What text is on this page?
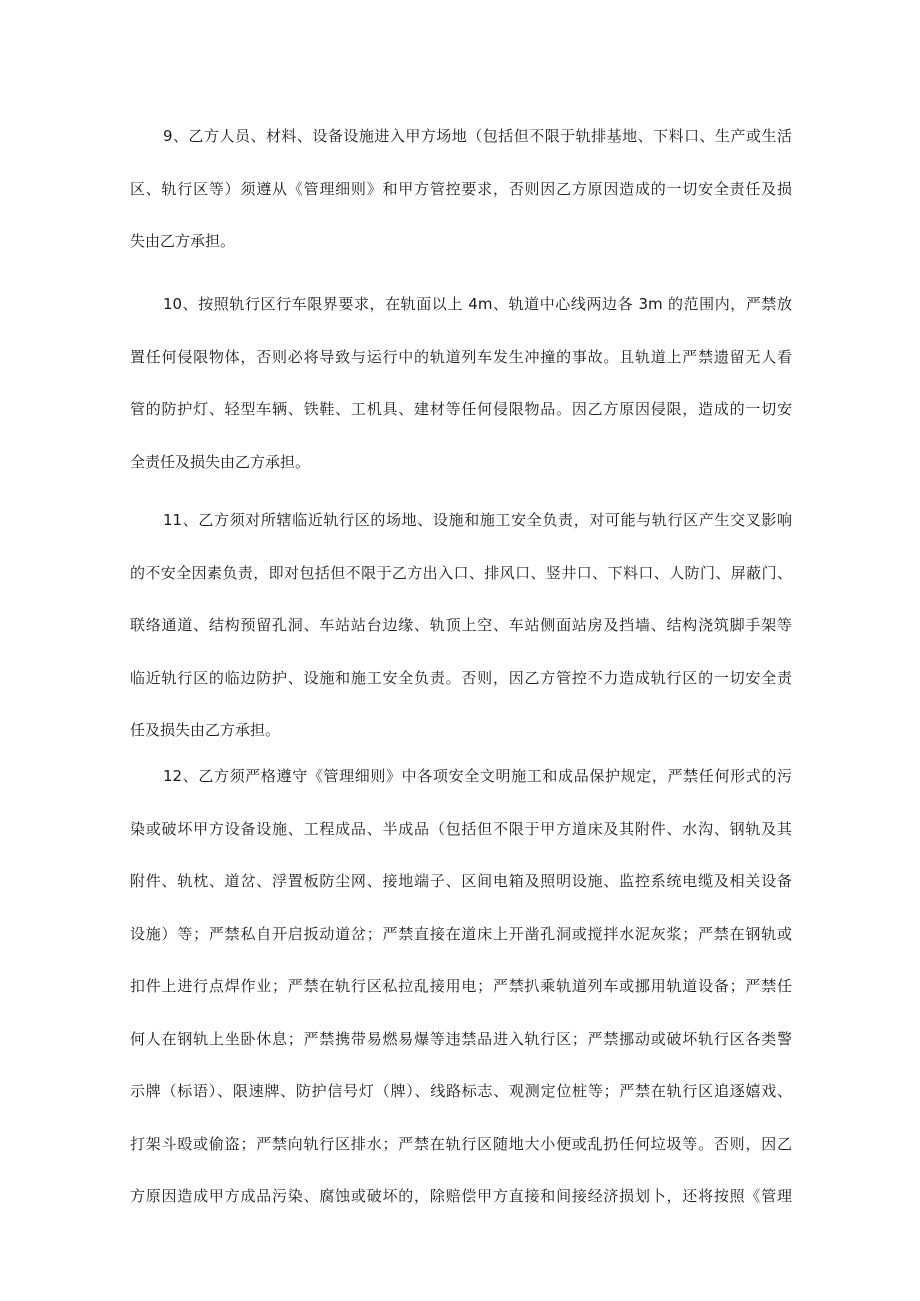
9、乙方人员、材料、设备设施进入甲方场地（包括但不限于轨排基地、下料口、生产或生活
区、轨行区等）须遵从《管理细则》和甲方管控要求，否则因乙方原因造成的一切安全责任及损
失由乙方承担。
10、按照轨行区行车限界要求，在轨面以上 4m、轨道中心线两边各 3m 的范围内，严禁放
置任何侵限物体，否则必将导致与运行中的轨道列车发生冲撞的事故。且轨道上严禁遗留无人看
管的防护灯、轻型车辆、铁鞋、工机具、建材等任何侵限物品。因乙方原因侵限，造成的一切安
全责任及损失由乙方承担。
11、乙方须对所辖临近轨行区的场地、设施和施工安全负责，对可能与轨行区产生交叉影响
的不安全因素负责，即对包括但不限于乙方出入口、排风口、竖井口、下料口、人防门、屏蔽门、
联络通道、结构预留孔洞、车站站台边缘、轨顶上空、车站侧面站房及挡墙、结构浇筑脚手架等
临近轨行区的临边防护、设施和施工安全负责。否则，因乙方管控不力造成轨行区的一切安全责
任及损失由乙方承担。
12、乙方须严格遵守《管理细则》中各项安全文明施工和成品保护规定，严禁任何形式的污
染或破坏甲方设备设施、工程成品、半成品（包括但不限于甲方道床及其附件、水沟、钢轨及其
附件、轨枕、道岔、浮置板防尘网、接地端子、区间电箱及照明设施、监控系统电缆及相关设备
设施）等；严禁私自开启扳动道岔；严禁直接在道床上开凿孔洞或搅拌水泥灰浆；严禁在钢轨或
扣件上进行点焊作业；严禁在轨行区私拉乱接用电；严禁扒乘轨道列车或挪用轨道设备；严禁任
何人在钢轨上坐卧休息；严禁携带易燃易爆等违禁品进入轨行区；严禁挪动或破坏轨行区各类警
示牌（标语）、限速牌、防护信号灯（牌）、线路标志、观测定位桩等；严禁在轨行区追逐嬉戏、
打架斗殴或偷盗；严禁向轨行区排水；严禁在轨行区随地大小便或乱扔任何垃圾等。否则，因乙
方原因造成甲方成品污染、腐蚀或破坏的，除赔偿甲方直接和间接经济损划卜，还将按照《管理
